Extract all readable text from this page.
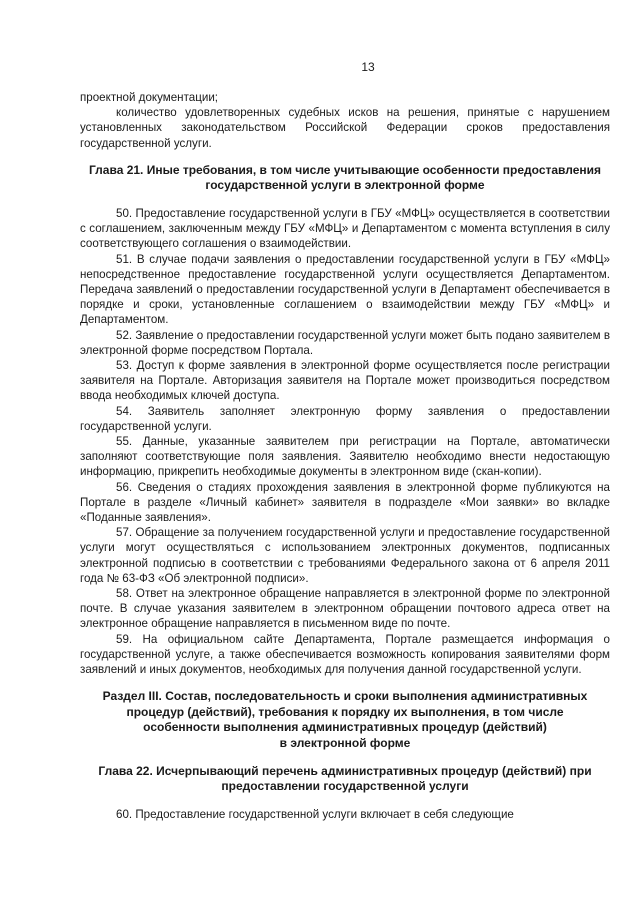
13

проектной документации;

количество удовлетворенных судебных исков на решения, принятые с нарушением установленных законодательством Российской Федерации сроков предоставления государственной услуги.

Глава 21. Иные требования, в том числе учитывающие особенности предоставления государственной услуги в электронной форме

50. Предоставление государственной услуги в ГБУ «МФЦ» осуществляется в соответствии с соглашением, заключенным между ГБУ «МФЦ» и Департаментом с момента вступления в силу соответствующего соглашения о взаимодействии.

51. В случае подачи заявления о предоставлении государственной услуги в ГБУ «МФЦ» непосредственное предоставление государственной услуги осуществляется Департаментом. Передача заявлений о предоставлении государственной услуги в Департамент обеспечивается в порядке и сроки, установленные соглашением о взаимодействии между ГБУ «МФЦ» и Департаментом.

52. Заявление о предоставлении государственной услуги может быть подано заявителем в электронной форме посредством Портала.

53. Доступ к форме заявления в электронной форме осуществляется после регистрации заявителя на Портале. Авторизация заявителя на Портале может производиться посредством ввода необходимых ключей доступа.

54. Заявитель заполняет электронную форму заявления о предоставлении государственной услуги.

55. Данные, указанные заявителем при регистрации на Портале, автоматически заполняют соответствующие поля заявления. Заявителю необходимо внести недостающую информацию, прикрепить необходимые документы в электронном виде (скан-копии).

56. Сведения о стадиях прохождения заявления в электронной форме публикуются на Портале в разделе «Личный кабинет» заявителя в подразделе «Мои заявки» во вкладке «Поданные заявления».

57. Обращение за получением государственной услуги и предоставление государственной услуги могут осуществляться с использованием электронных документов, подписанных электронной подписью в соответствии с требованиями Федерального закона от 6 апреля 2011 года № 63-ФЗ «Об электронной подписи».

58. Ответ на электронное обращение направляется в электронной форме по электронной почте. В случае указания заявителем в электронном обращении почтового адреса ответ на электронное обращение направляется в письменном виде по почте.

59. На официальном сайте Департамента, Портале размещается информация о государственной услуге, а также обеспечивается возможность копирования заявителями форм заявлений и иных документов, необходимых для получения данной государственной услуги.

Раздел III. Состав, последовательность и сроки выполнения административных

процедур (действий), требования к порядку их выполнения, в том числе

особенности выполнения административных процедур (действий)

в электронной форме

Глава 22. Исчерпывающий перечень административных процедур (действий) при предоставлении государственной услуги

60. Предоставление государственной услуги включает в себя следующие
